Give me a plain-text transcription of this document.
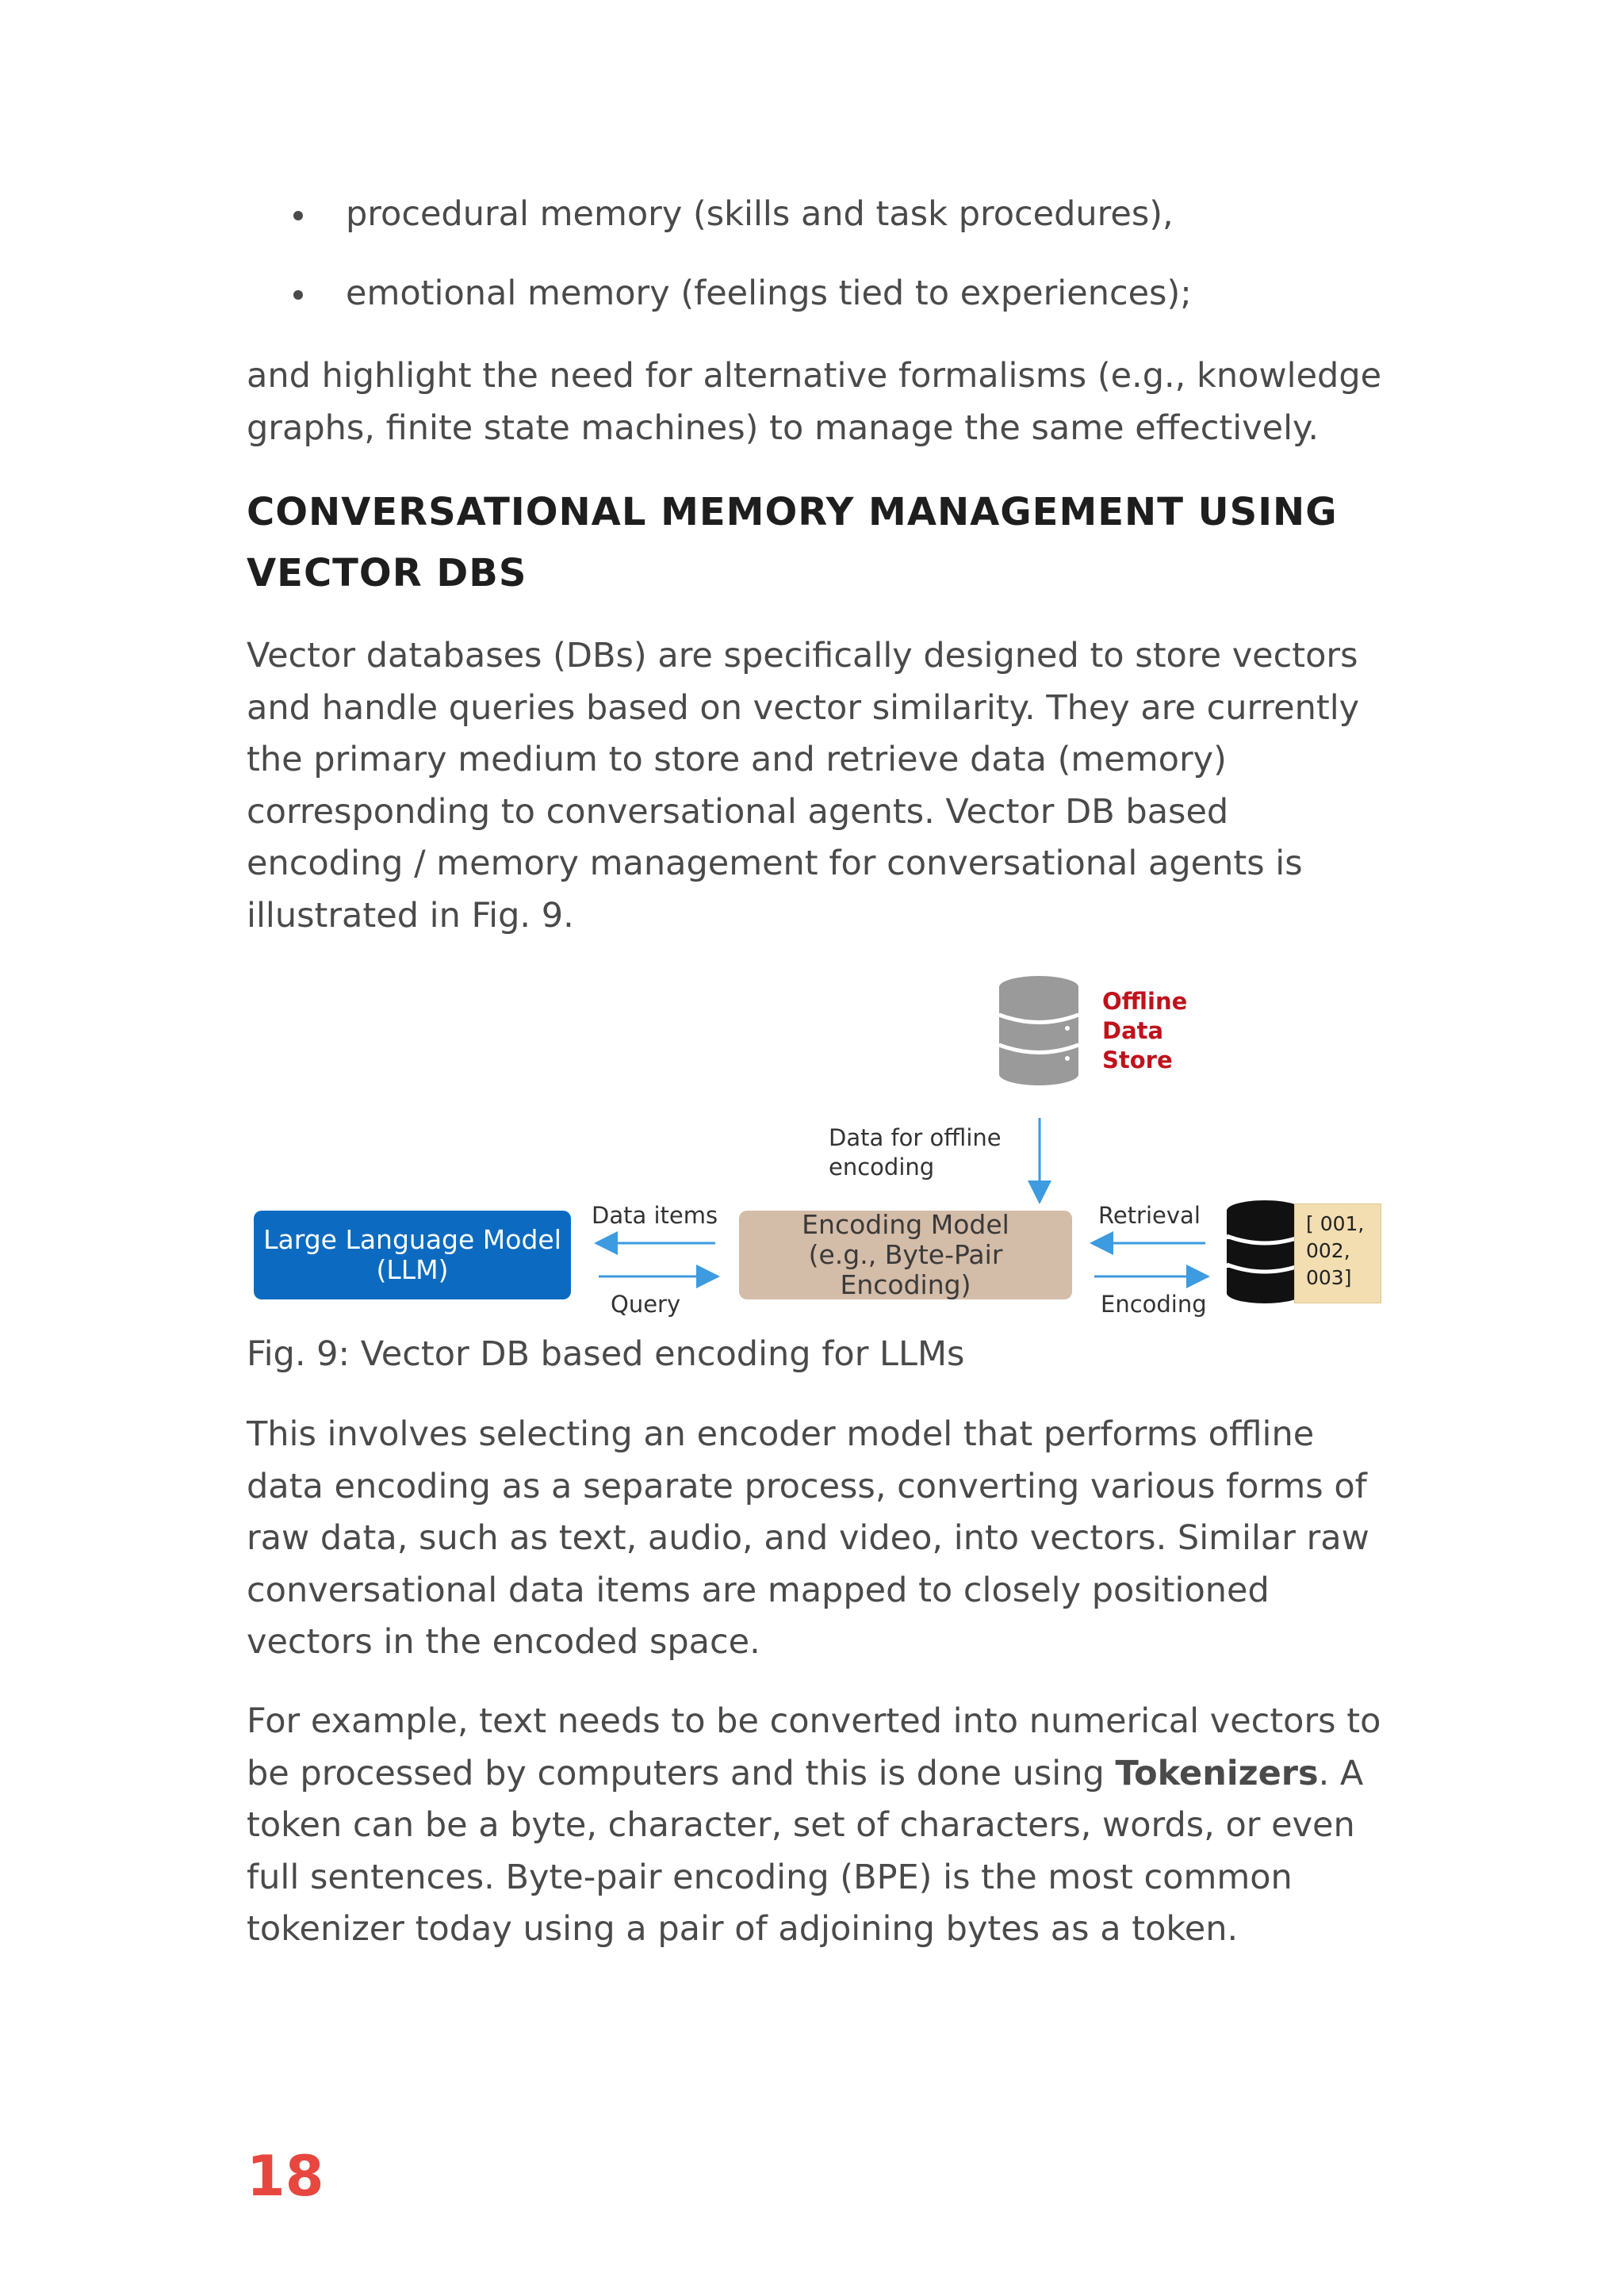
procedural memory (skills and task procedures),
emotional memory (feelings tied to experiences);

and highlight the need for alternative formalisms (e.g., knowledge graphs, finite state machines) to manage the same effectively.

CONVERSATIONAL MEMORY MANAGEMENT USING VECTOR DBS

Vector databases (DBs) are specifically designed to store vectors and handle queries based on vector similarity. They are currently the primary medium to store and retrieve data (memory) corresponding to conversational agents. Vector DB based encoding / memory management for conversational agents is illustrated in Fig. 9.

Offline
Data
Store
Data for offline
encoding
Data items
Query
Retrieval
Encoding
Large Language Model
(LLM)
Encoding Model
(e.g., Byte-Pair Encoding)
[ 001,
002,
003]

Fig. 9: Vector DB based encoding for LLMs

This involves selecting an encoder model that performs offline data encoding as a separate process, converting various forms of raw data, such as text, audio, and video, into vectors. Similar raw conversational data items are mapped to closely positioned vectors in the encoded space.

For example, text needs to be converted into numerical vectors to be processed by computers and this is done using Tokenizers. A token can be a byte, character, set of characters, words, or even full sentences. Byte-pair encoding (BPE) is the most common tokenizer today using a pair of adjoining bytes as a token.

18
